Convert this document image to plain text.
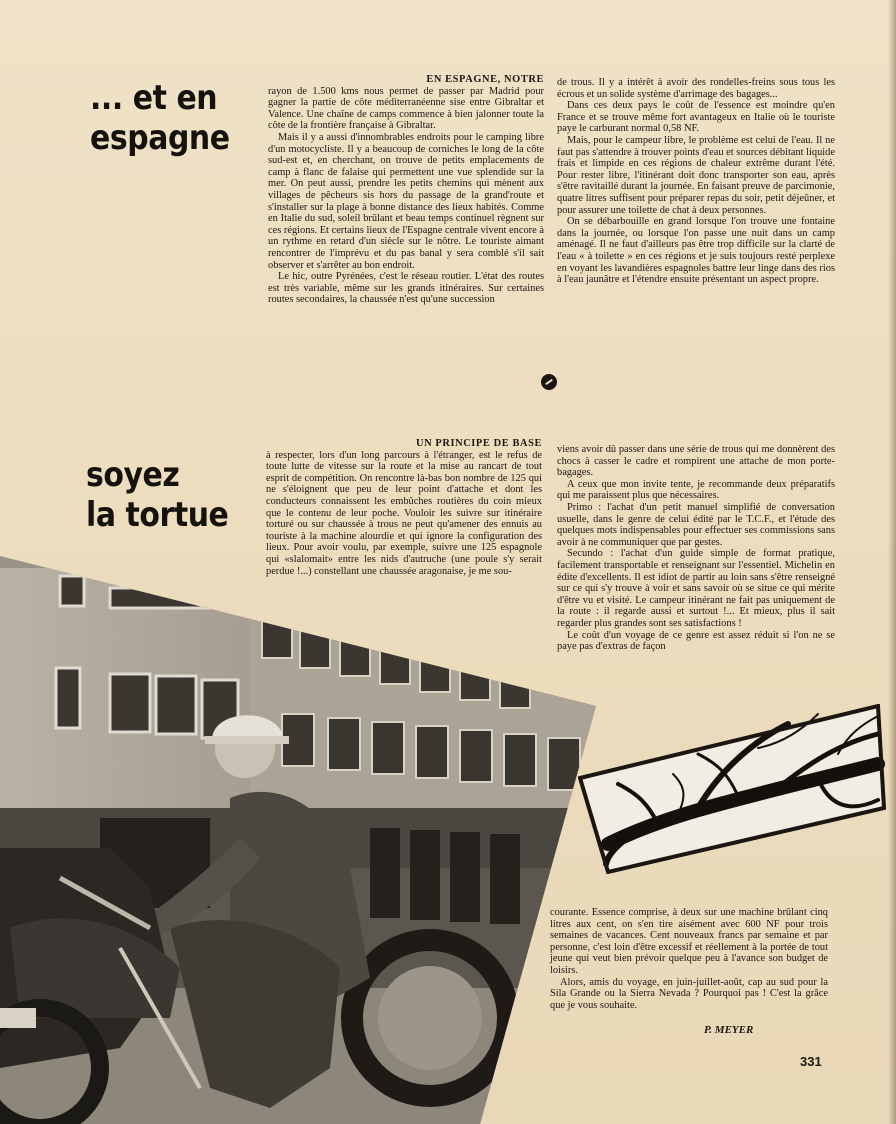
... et en
espagne
EN ESPAGNE, NOTRE

rayon de 1.500 kms nous permet de passer par Madrid pour gagner la partie de côte méditerranéenne sise entre Gibraltar et Valence. Une chaîne de camps commence à bien jalonner toute la côte de la frontière française à Gibraltar.

Mais il y a aussi d'innombrables endroits pour le camping libre d'un motocycliste. Il y a beaucoup de corniches le long de la côte sud-est et, en cherchant, on trouve de petits emplacements de camp à flanc de falaise qui permettent une vue splendide sur la mer. On peut aussi, prendre les petits chemins qui mènent aux villages de pêcheurs sis hors du passage de la grand'route et s'installer sur la plage à bonne distance des lieux habités. Comme en Italie du sud, soleil brûlant et beau temps continuel règnent sur ces régions. Et certains lieux de l'Espagne centrale vivent encore à un rythme en retard d'un siècle sur le nôtre. Le touriste aimant rencontrer de l'imprévu et du pas banal y sera comblé s'il sait observer et s'arrêter au bon endroit.

Le hic, outre Pyrénées, c'est le réseau routier. L'état des routes est très variable, même sur les grands itinéraires. Sur certaines routes secondaires, la chaussée n'est qu'une succession

de trous. Il y a intérêt à avoir des rondelles-freins sous tous les écrous et un solide système d'arrimage des bagages...

Dans ces deux pays le coût de l'essence est moindre qu'en France et se trouve même fort avantageux en Italie où le touriste paye le carburant normal 0,58 NF.

Mais, pour le campeur libre, le problème est celui de l'eau. Il ne faut pas s'attendre à trouver points d'eau et sources débitant liquide frais et limpide en ces régions de chaleur extrême durant l'été. Pour rester libre, l'itinérant doit donc transporter son eau, après s'être ravitaillé durant la journée. En faisant preuve de parcimonie, quatre litres suffisent pour préparer repas du soir, petit déjeûner, et pour assurer une toilette de chat à deux personnes.

On se débarbouille en grand lorsque l'on trouve une fontaine dans la journée, ou lorsque l'on passe une nuit dans un camp aménagé. Il ne faut d'ailleurs pas être trop difficile sur la clarté de l'eau « à toilette » en ces régions et je suis toujours resté perplexe en voyant les lavandières espagnoles battre leur linge dans des rios à l'eau jaunâtre et l'étendre ensuite présentant un aspect propre.

soyez
la tortue
UN PRINCIPE DE BASE

à respecter, lors d'un long parcours à l'étranger, est le refus de toute lutte de vitesse sur la route et la mise au rancart de tout esprit de compétition. On rencontre là-bas bon nombre de 125 qui ne s'éloignent que peu de leur point d'attache et dont les conducteurs connaissent les embûches routières du coin mieux que le contenu de leur poche. Vouloir les suivre sur itinéraire torturé ou sur chaussée à trous ne peut qu'amener des ennuis au touriste à la machine alourdie et qui ignore la configuration des lieux. Pour avoir voulu, par exemple, suivre une 125 espagnole qui «slalomait» entre les nids d'autruche (une poule s'y serait perdue !...) constellant une chaussée aragonaise, je me sou-

viens avoir dû passer dans une série de trous qui me donnèrent des chocs à casser le cadre et rompirent une attache de mon porte-bagages.

A ceux que mon invite tente, je recommande deux préparatifs qui me paraissent plus que nécessaires.

Primo : l'achat d'un petit manuel simplifié de conversation usuelle, dans le genre de celui édité par le T.C.F., et l'étude des quelques mots indispensables pour effectuer ses commissions sans avoir à ne communiquer que par gestes.

Secundo : l'achat d'un guide simple de format pratique, facilement transportable et renseignant sur l'essentiel. Michelin en édite d'excellents. Il est idiot de partir au loin sans s'être renseigné sur ce qui s'y trouve à voir et sans savoir où se situe ce qui mérite d'être vu et visité. Le campeur itinérant ne fait pas uniquement de la route : il regarde aussi et surtout !... Et mieux, plus il sait regarder plus grandes sont ses satisfactions !

Le coût d'un voyage de ce genre est assez réduit si l'on ne se paye pas d'extras de façon

courante. Essence comprise, à deux sur une machine brûlant cinq litres aux cent, on s'en tire aisément avec 600 NF pour trois semaines de vacances. Cent nouveaux francs par semaine et par personne, c'est loin d'être excessif et réellement à la portée de tout jeune qui veut bien prévoir quelque peu à l'avance son budget de loisirs.

Alors, amis du voyage, en juin-juillet-août, cap au sud pour la Sila Grande ou la Sierra Nevada ? Pourquoi pas ! C'est la grâce que je vous souhaite.

P. MEYER
331
